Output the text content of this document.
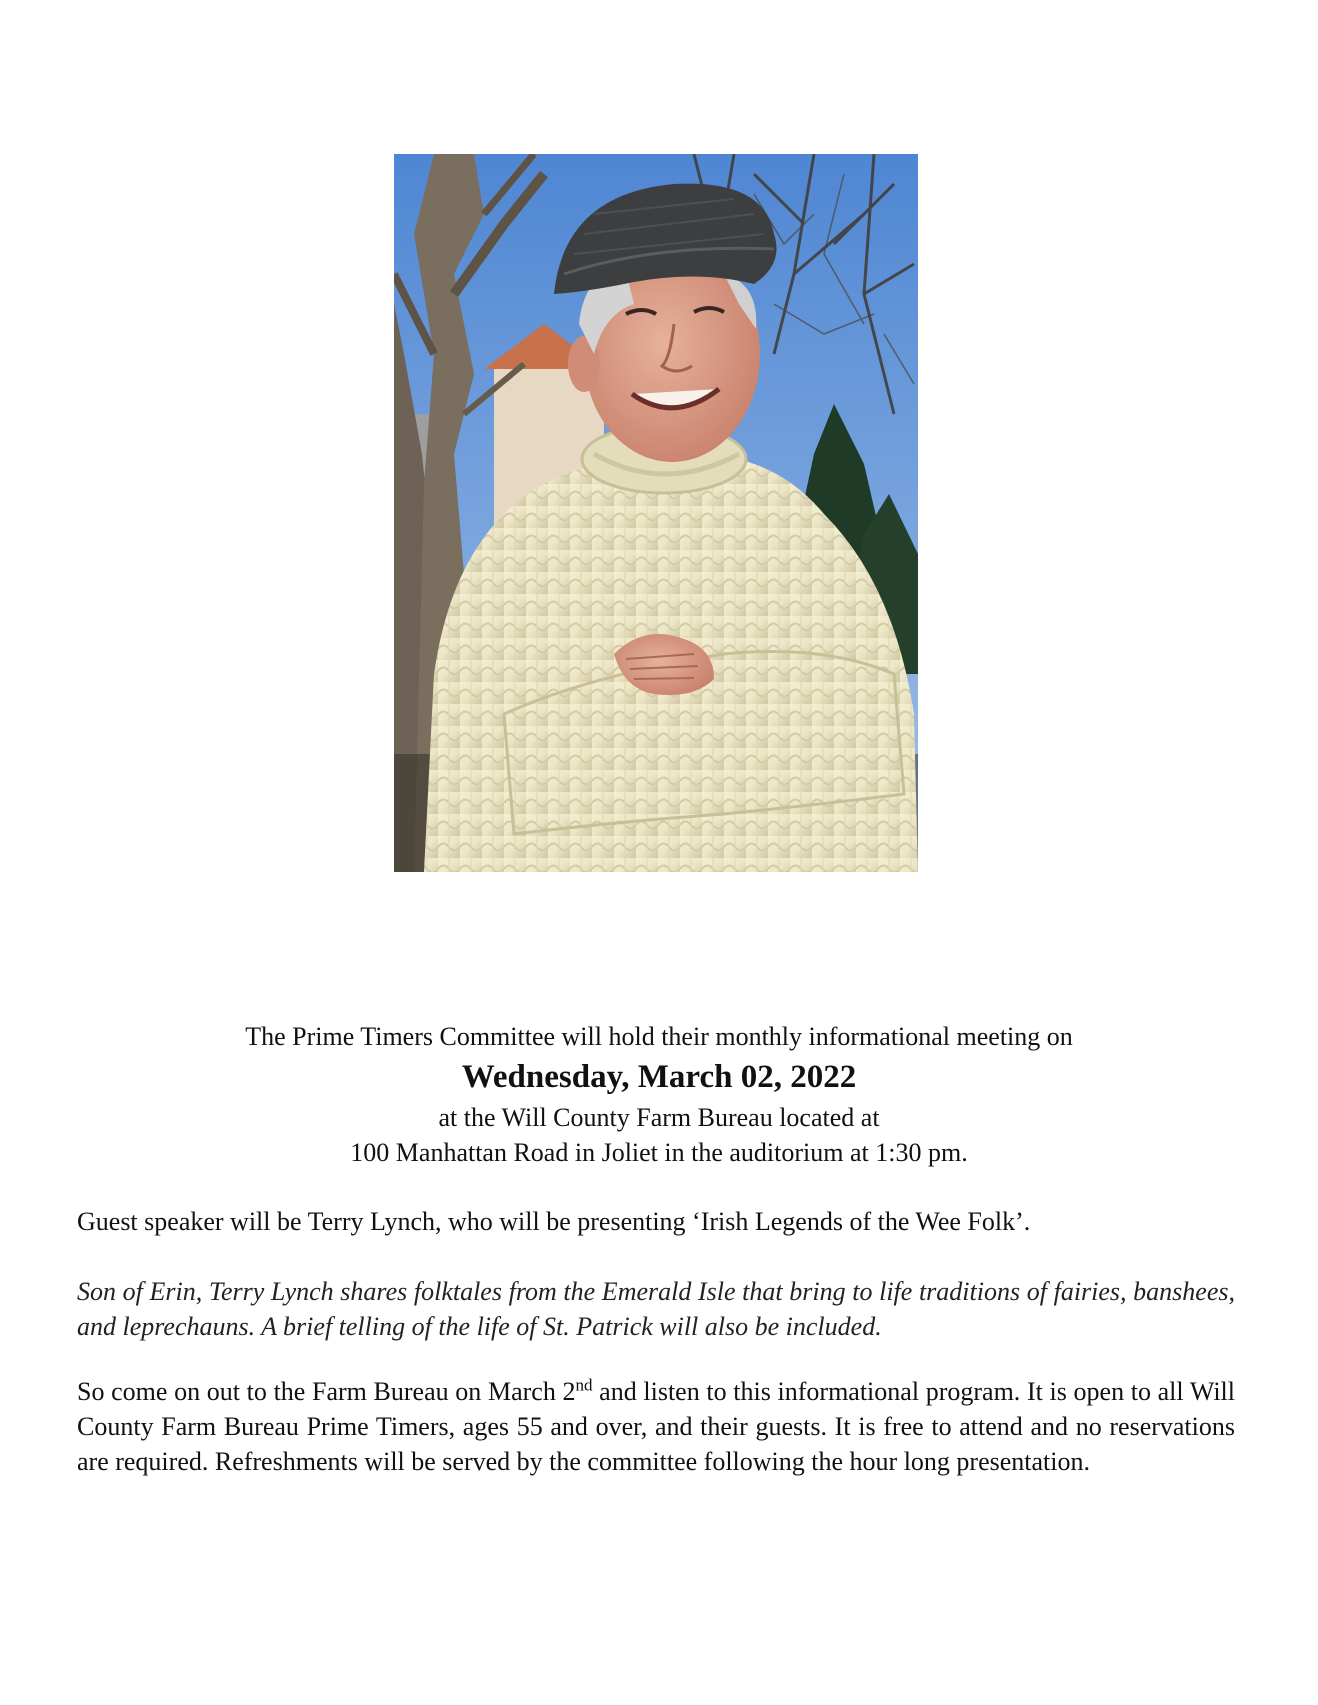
The Prime Timers Committee will hold their monthly informational meeting on
Wednesday, March 02, 2022
at the Will County Farm Bureau located at
100 Manhattan Road in Joliet in the auditorium at 1:30 pm.

Guest speaker will be Terry Lynch, who will be presenting ‘Irish Legends of the Wee Folk’.

Son of Erin, Terry Lynch shares folktales from the Emerald Isle that bring to life traditions of fairies, banshees, and leprechauns. A brief telling of the life of St. Patrick will also be included.

So come on out to the Farm Bureau on March 2nd and listen to this informational program. It is open to all Will County Farm Bureau Prime Timers, ages 55 and over, and their guests. It is free to attend and no reservations are required. Refreshments will be served by the committee following the hour long presentation.
